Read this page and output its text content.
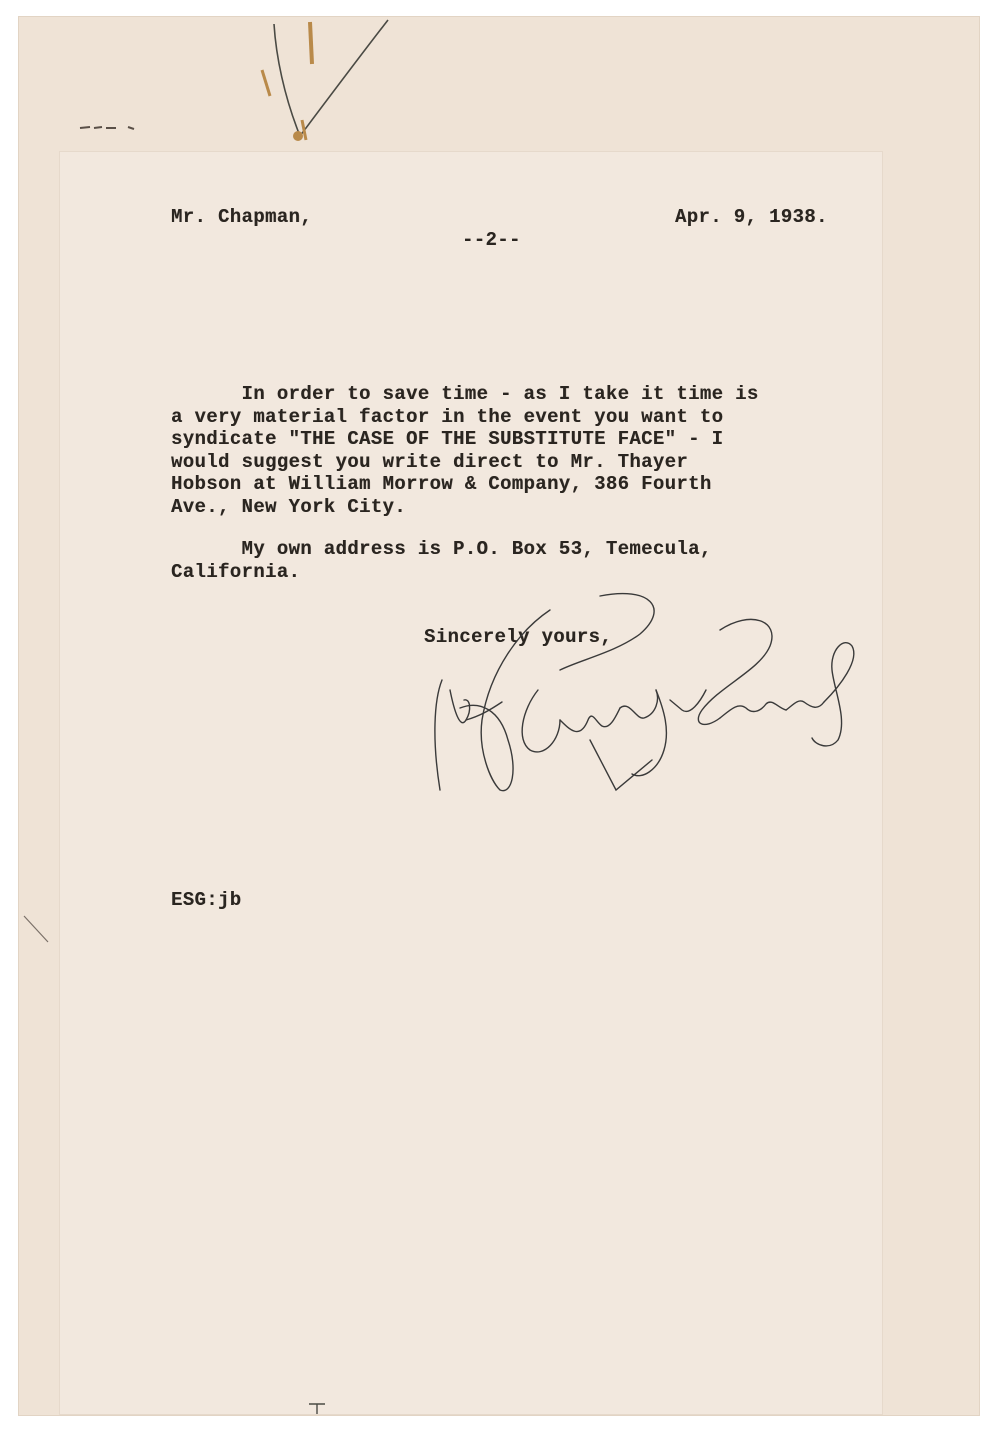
Mr. Chapman,	Apr. 9, 1938.
--2--
In order to save time - as I take it time is
a very material factor in the event you want to
syndicate "THE CASE OF THE SUBSTITUTE FACE" - I
would suggest you write direct to Mr. Thayer
Hobson at William Morrow & Company, 386 Fourth
Ave., New York City.
My own address is P.O. Box 53, Temecula,
California.
Sincerely yours,
ESG:jb
